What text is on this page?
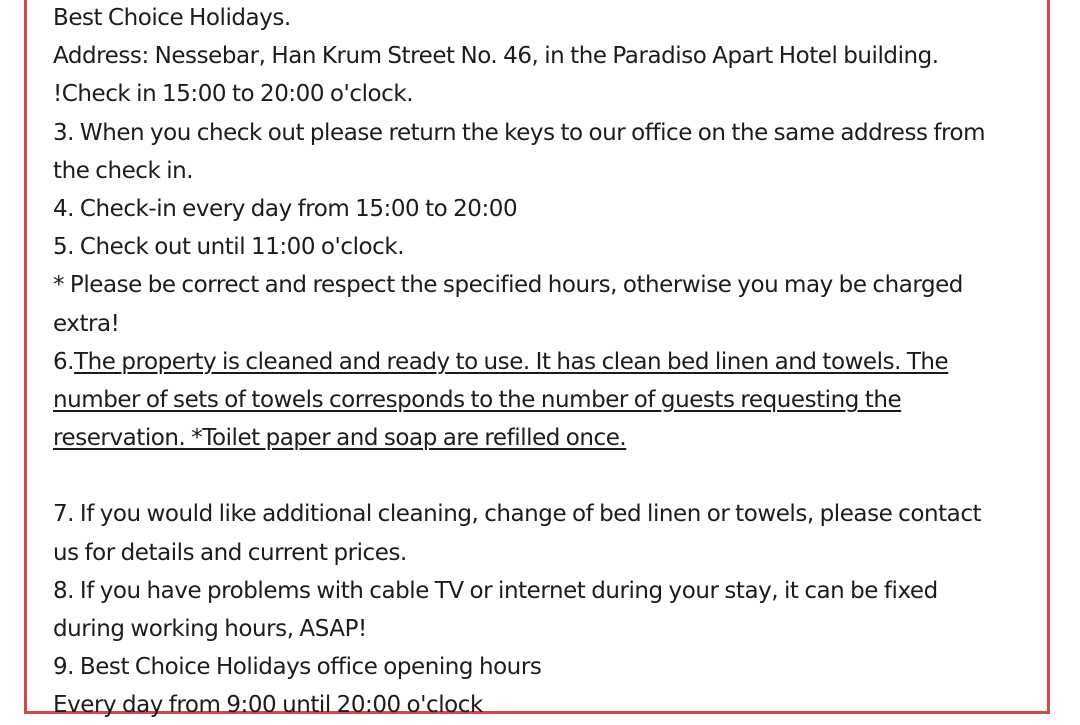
Best Choice Holidays.
Address: Nessebar, Han Krum Street No. 46, in the Paradiso Apart Hotel building.
!Check in 15:00 to 20:00 o'clock.
3. When you check out please return the keys to our office on the same address from
the check in.
4. Check-in every day from 15:00 to 20:00
5. Check out until 11:00 o'clock.
* Please be correct and respect the specified hours, otherwise you may be charged
extra!
6.The property is cleaned and ready to use. It has clean bed linen and towels. The
number of sets of towels corresponds to the number of guests requesting the
reservation. *Toilet paper and soap are refilled once.
7. If you would like additional cleaning, change of bed linen or towels, please contact
us for details and current prices.
8. If you have problems with cable TV or internet during your stay, it can be fixed
during working hours, ASAP!
9. Best Choice Holidays office opening hours
Every day from 9:00 until 20:00 o'clock
